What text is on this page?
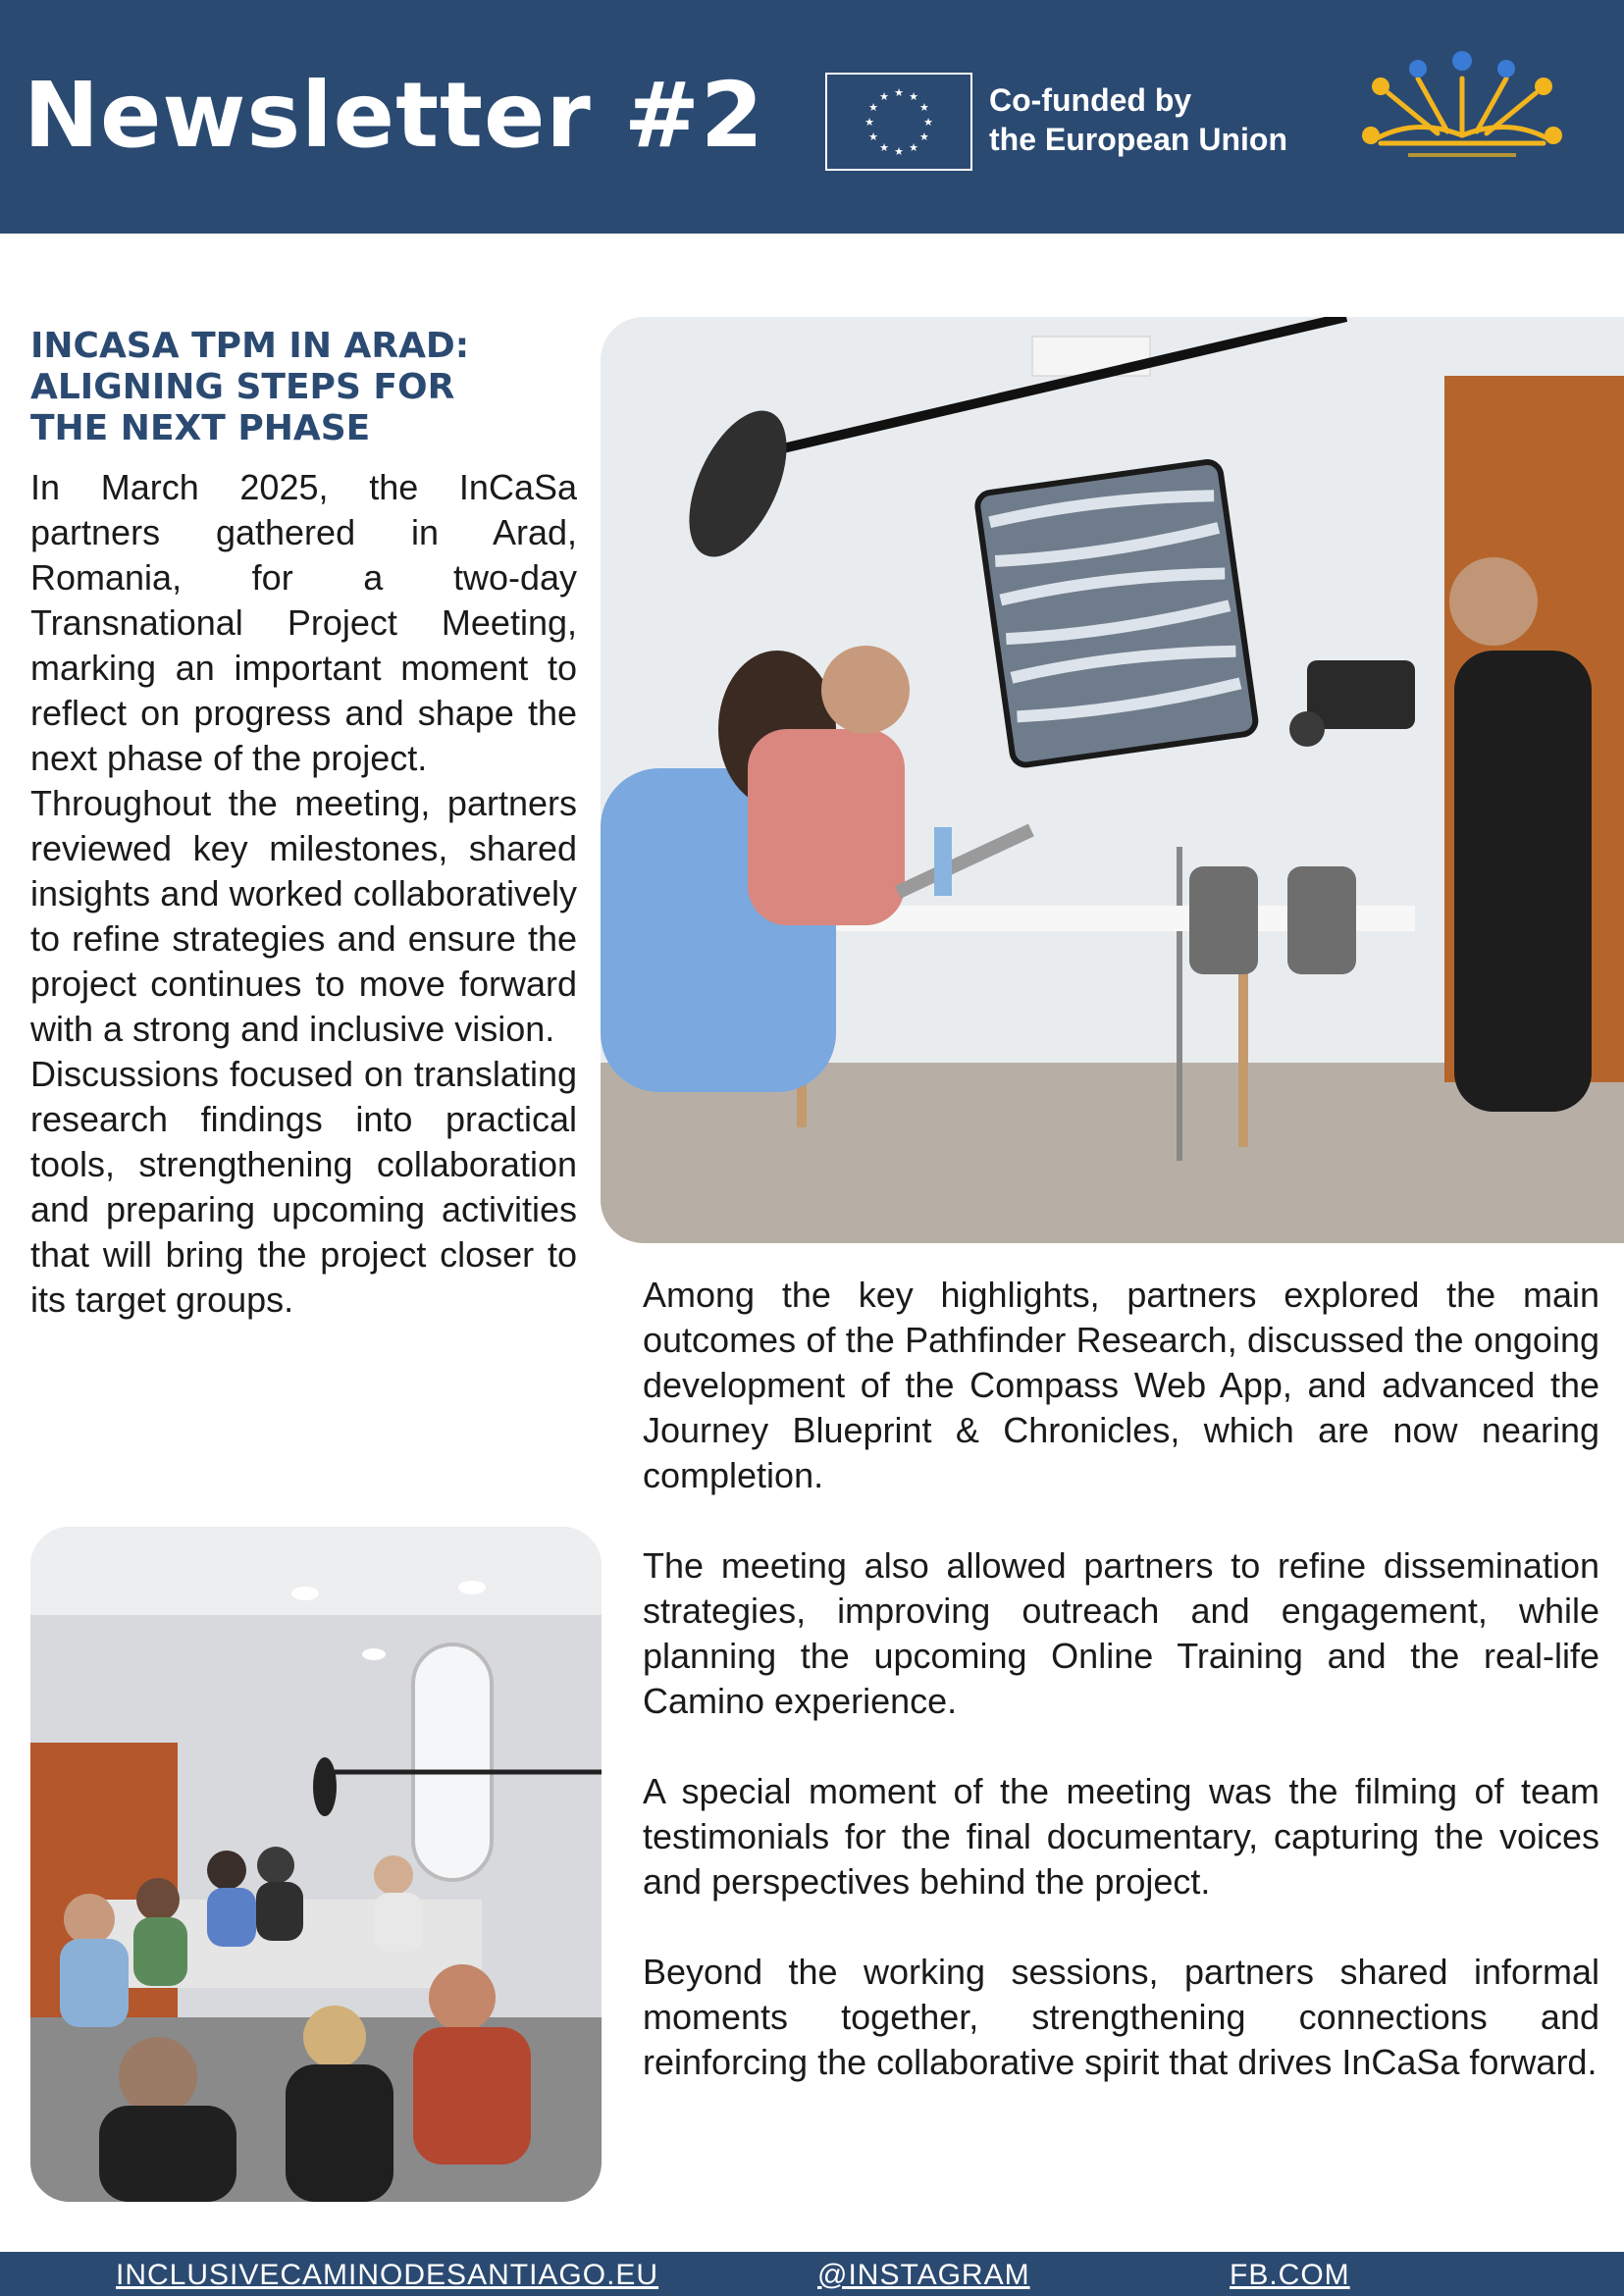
Newsletter #2	★ ★
★
★
★
★
★
★
★
★
★
★	Co-funded by
the European Union
INCASA TPM IN ARAD:
ALIGNING STEPS FOR
THE NEXT PHASE

In March 2025, the InCaSa partners gathered in Arad, Romania, for a two-day Transnational Project Meeting, marking an important moment to reflect on progress and shape the next phase of the project.

Throughout the meeting, partners reviewed key milestones, shared insights and worked collaboratively to refine strategies and ensure the project continues to move forward with a strong and inclusive vision.

Discussions focused on translating research findings into practical tools, strengthening collaboration and preparing upcoming activities that will bring the project closer to its target groups.	Among the key highlights, partners explored the main outcomes of the Pathfinder Research, discussed the ongoing development of the Compass Web App, and advanced the Journey Blueprint & Chronicles, which are now nearing completion.

The meeting also allowed partners to refine dissemination strategies, improving outreach and engagement, while planning the upcoming Online Training and the real-life Camino experience.

A special moment of the meeting was the filming of team testimonials for the final documentary, capturing the voices and perspectives behind the project.

Beyond the working sessions, partners shared informal moments together, strengthening connections and reinforcing the collaborative spirit that drives InCaSa forward.

INCLUSIVECAMINODESANTIAGO.EU	@INSTAGRAM	FB.COM
